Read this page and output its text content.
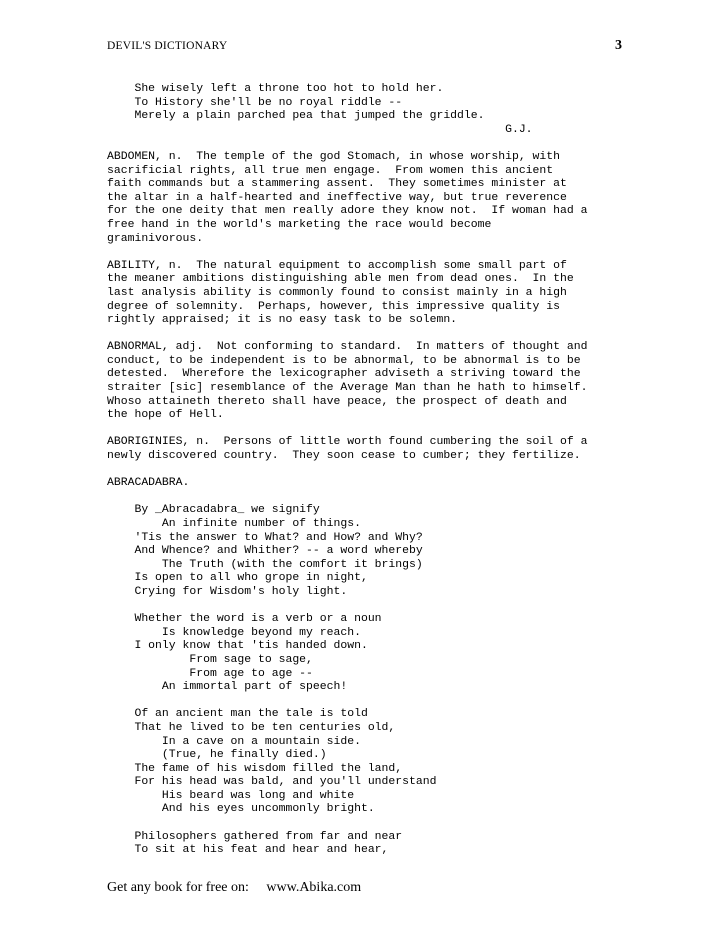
DEVIL'S DICTIONARY	3
She wisely left a throne too hot to hold her.
To History she'll be no royal riddle --
Merely a plain parched pea that jumped the griddle.
G.J.

ABDOMEN, n.  The temple of the god Stomach, in whose worship, with
sacrificial rights, all true men engage.  From women this ancient
faith commands but a stammering assent.  They sometimes minister at
the altar in a half-hearted and ineffective way, but true reverence
for the one deity that men really adore they know not.  If woman had a
free hand in the world's marketing the race would become
graminivorous.

ABILITY, n.  The natural equipment to accomplish some small part of
the meaner ambitions distinguishing able men from dead ones.  In the
last analysis ability is commonly found to consist mainly in a high
degree of solemnity.  Perhaps, however, this impressive quality is
rightly appraised; it is no easy task to be solemn.

ABNORMAL, adj.  Not conforming to standard.  In matters of thought and
conduct, to be independent is to be abnormal, to be abnormal is to be
detested.  Wherefore the lexicographer adviseth a striving toward the
straiter [sic] resemblance of the Average Man than he hath to himself.
Whoso attaineth thereto shall have peace, the prospect of death and
the hope of Hell.

ABORIGINIES, n.  Persons of little worth found cumbering the soil of a
newly discovered country.  They soon cease to cumber; they fertilize.

ABRACADABRA.

By _Abracadabra_ we signify
An infinite number of things.
'Tis the answer to What? and How? and Why?
And Whence? and Whither? -- a word whereby
The Truth (with the comfort it brings)
Is open to all who grope in night,
Crying for Wisdom's holy light.

Whether the word is a verb or a noun
Is knowledge beyond my reach.
I only know that 'tis handed down.
From sage to sage,
From age to age --
An immortal part of speech!

Of an ancient man the tale is told
That he lived to be ten centuries old,
In a cave on a mountain side.
(True, he finally died.)
The fame of his wisdom filled the land,
For his head was bald, and you'll understand
His beard was long and white
And his eyes uncommonly bright.

Philosophers gathered from far and near
To sit at his feat and hear and hear,
Get any book for free on:     www.Abika.com
